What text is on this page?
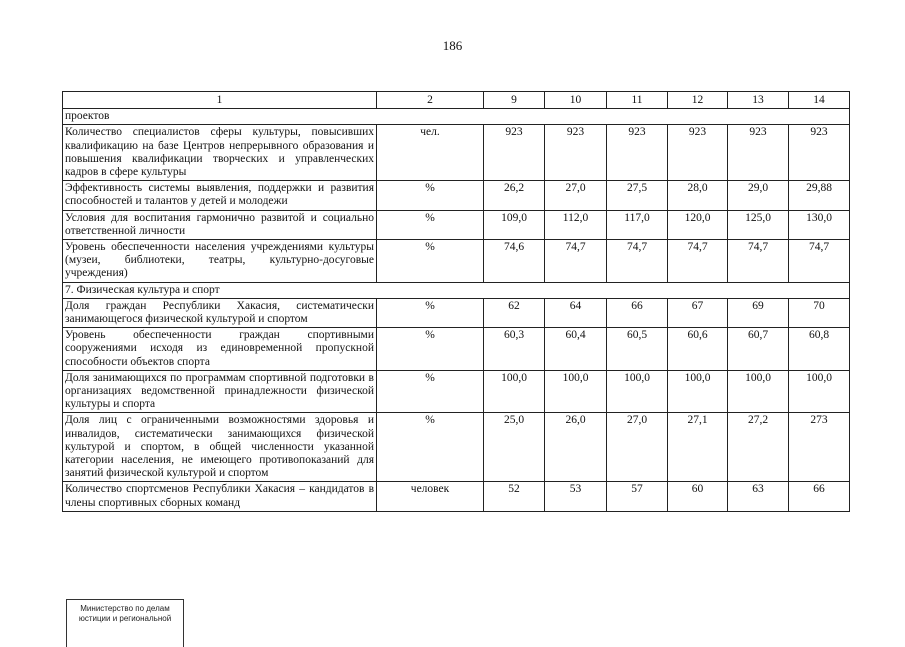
186
1	2	9	10	11	12	13	14
проектов							
Количество специалистов сферы культуры, повысивших квалификацию на базе Центров непрерывного образования и повышения квалификации творческих и управленческих кадров в сфере культуры	чел.	923	923	923	923	923	923
Эффективность системы выявления, поддержки и развития способностей и талантов у детей и молодежи	%	26,2	27,0	27,5	28,0	29,0	29,88
Условия для воспитания гармонично развитой и социально ответственной личности	%	109,0	112,0	117,0	120,0	125,0	130,0
Уровень обеспеченности населения учреждениями культуры (музеи, библиотеки, театры, культурно-досуговые учреждения)	%	74,6	74,7	74,7	74,7	74,7	74,7
7. Физическая культура и спорт							
Доля граждан Республики Хакасия, систематически занимающегося физической культурой и спортом	%	62	64	66	67	69	70
Уровень обеспеченности граждан спортивными сооружениями исходя из единовременной пропускной способности объектов спорта	%	60,3	60,4	60,5	60,6	60,7	60,8
Доля занимающихся по программам спортивной подготовки в организациях ведомственной принадлежности физической культуры и спорта	%	100,0	100,0	100,0	100,0	100,0	100,0
Доля лиц с ограниченными возможностями здоровья и инвалидов, систематически занимающихся физической культурой и спортом, в общей численности указанной категории населения, не имеющего противопоказаний для занятий физической культурой и спортом	%	25,0	26,0	27,0	27,1	27,2	273
Количество спортсменов Республики Хакасия – кандидатов в члены спортивных сборных команд	человек	52	53	57	60	63	66
Министерство по делам
юстиции и региональной
